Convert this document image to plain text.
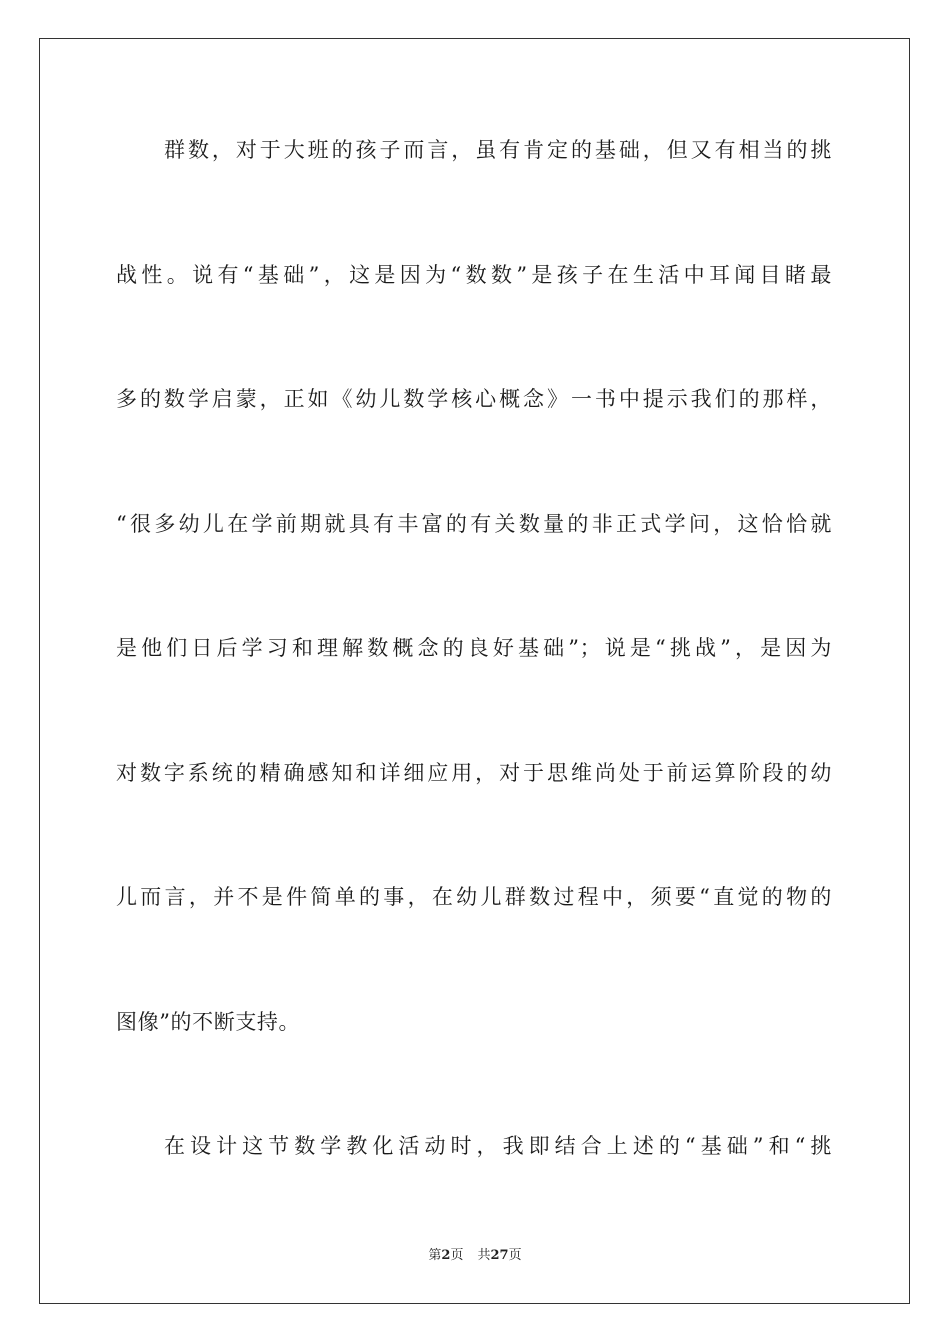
群数，对于大班的孩子而言，虽有肯定的基础，但又有相当的挑
战性。说有“基础”，这是因为“数数”是孩子在生活中耳闻目睹最
多的数学启蒙，正如《幼儿数学核心概念》一书中提示我们的那样，
“很多幼儿在学前期就具有丰富的有关数量的非正式学问，这恰恰就
是他们日后学习和理解数概念的良好基础”；说是“挑战”，是因为
对数字系统的精确感知和详细应用，对于思维尚处于前运算阶段的幼
儿而言，并不是件简单的事，在幼儿群数过程中，须要“直觉的物的
图像”的不断支持。
在设计这节数学教化活动时，我即结合上述的“基础”和“挑
第2页 共27页
